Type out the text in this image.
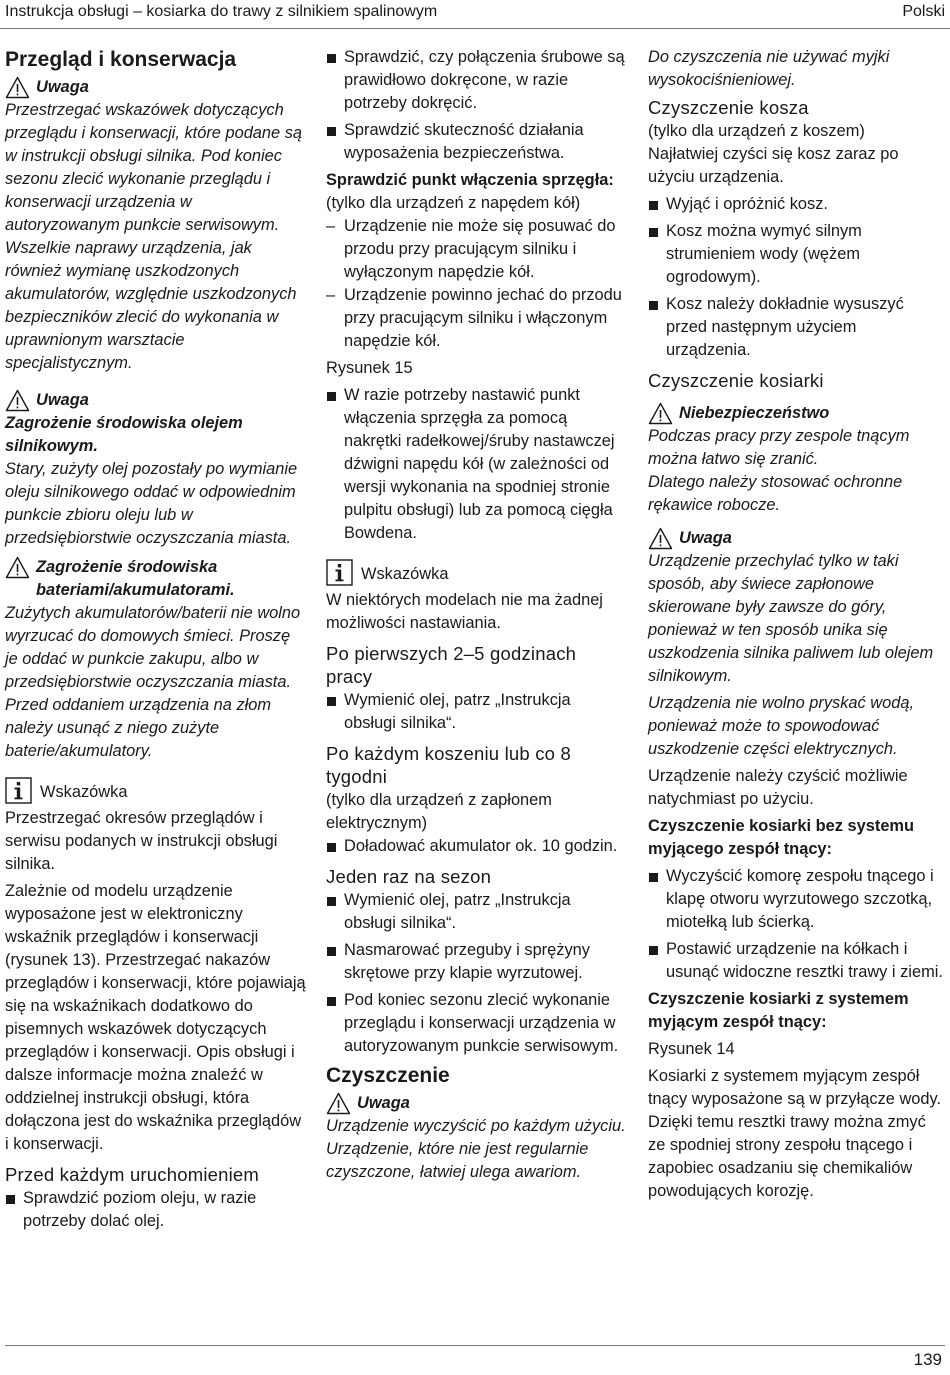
Instrukcja obsługi – kosiarka do trawy z silnikiem spalinowym	Polski
Przegląd i konserwacja
Uwaga
Przestrzegać wskazówek dotyczących przeglądu i konserwacji, które podane są w instrukcji obsługi silnika. Pod koniec sezonu zlecić wykonanie przeglądu i konserwacji urządzenia w autoryzowanym punkcie serwisowym.
Wszelkie naprawy urządzenia, jak również wymianę uszkodzonych akumulatorów, względnie uszkodzonych bezpieczników zlecić do wykonania w uprawnionym warsztacie specjalistycznym.
Uwaga
Zagrożenie środowiska olejem silnikowym.
Stary, zużyty olej pozostały po wymianie oleju silnikowego oddać w odpowiednim punkcie zbioru oleju lub w przedsiębiorstwie oczyszczania miasta.
Zagrożenie środowiska bateriami/akumulatorami.
Zużytych akumulatorów/baterii nie wolno wyrzucać do domowych śmieci. Proszę je oddać w punkcie zakupu, albo w przedsiębiorstwie oczyszczania miasta.
Przed oddaniem urządzenia na złom należy usunąć z niego zużyte baterie/akumulatory.
Wskazówka
Przestrzegać okresów przeglądów i serwisu podanych w instrukcji obsługi silnika.
Zależnie od modelu urządzenie wyposażone jest w elektroniczny wskaźnik przeglądów i konserwacji (rysunek 13). Przestrzegać nakazów przeglądów i konserwacji, które pojawiają się na wskaźnikach dodatkowo do pisemnych wskazówek dotyczących przeglądów i konserwacji. Opis obsługi i dalsze informacje można znaleźć w oddzielnej instrukcji obsługi, która dołączona jest do wskaźnika przeglądów i konserwacji.
Przed każdym uruchomieniem
Sprawdzić poziom oleju, w razie potrzeby dolać olej.
Sprawdzić, czy połączenia śrubowe są prawidłowo dokręcone, w razie potrzeby dokręcić.
Sprawdzić skuteczność działania wyposażenia bezpieczeństwa.
Sprawdzić punkt włączenia sprzęgła:
(tylko dla urządzeń z napędem kół)
– Urządzenie nie może się posuwać do przodu przy pracującym silniku i wyłączonym napędzie kół.
– Urządzenie powinno jechać do przodu przy pracującym silniku i włączonym napędzie kół.
Rysunek 15
W razie potrzeby nastawić punkt włączenia sprzęgła za pomocą nakrętki radełkowej/śruby nastawczej dźwigni napędu kół (w zależności od wersji wykonania na spodniej stronie pulpitu obsługi) lub za pomocą cięgła Bowdena.
Wskazówka
W niektórych modelach nie ma żadnej możliwości nastawiania.
Po pierwszych 2–5 godzinach pracy
Wymienić olej, patrz „Instrukcja obsługi silnika“.
Po każdym koszeniu lub co 8 tygodni
(tylko dla urządzeń z zapłonem elektrycznym)
Doładować akumulator ok. 10 godzin.
Jeden raz na sezon
Wymienić olej, patrz „Instrukcja obsługi silnika“.
Nasmarować przeguby i sprężyny skrętowe przy klapie wyrzutowej.
Pod koniec sezonu zlecić wykonanie przeglądu i konserwacji urządzenia w autoryzowanym punkcie serwisowym.
Czyszczenie
Uwaga
Urządzenie wyczyścić po każdym użyciu. Urządzenie, które nie jest regularnie czyszczone, łatwiej ulega awariom.
Do czyszczenia nie używać myjki wysokociśnieniowej.
Czyszczenie kosza
(tylko dla urządzeń z koszem)
Najłatwiej czyści się kosz zaraz po użyciu urządzenia.
Wyjąć i opróżnić kosz.
Kosz można wymyć silnym strumieniem wody (wężem ogrodowym).
Kosz należy dokładnie wysuszyć przed następnym użyciem urządzenia.
Czyszczenie kosiarki
Niebezpieczeństwo
Podczas pracy przy zespole tnącym można łatwo się zranić.
Dlatego należy stosować ochronne rękawice robocze.
Uwaga
Urządzenie przechylać tylko w taki sposób, aby świece zapłonowe skierowane były zawsze do góry, ponieważ w ten sposób unika się uszkodzenia silnika paliwem lub olejem silnikowym.
Urządzenia nie wolno pryskać wodą, ponieważ może to spowodować uszkodzenie części elektrycznych.
Urządzenie należy czyścić możliwie natychmiast po użyciu.
Czyszczenie kosiarki bez systemu myjącego zespół tnący:
Wyczyścić komorę zespołu tnącego i klapę otworu wyrzutowego szczotką, miotełką lub ścierką.
Postawić urządzenie na kółkach i usunąć widoczne resztki trawy i ziemi.
Czyszczenie kosiarki z systemem myjącym zespół tnący:
Rysunek 14
Kosiarki z systemem myjącym zespół tnący wyposażone są w przyłącze wody. Dzięki temu resztki trawy można zmyć ze spodniej strony zespołu tnącego i zapobiec osadzaniu się chemikaliów powodujących korozję.
139
